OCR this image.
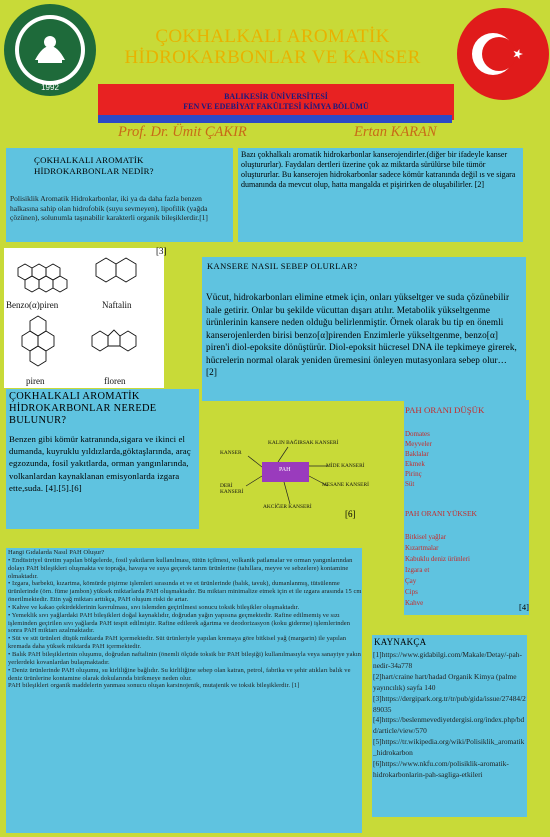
1992
ÇOKHALKALI AROMATİK
HİDROKARBONLAR VE KANSER
BALIKESİR ÜNİVERSİTESİ
FEN VE EDEBİYAT FAKÜLTESİ KİMYA BÖLÜMÜ
Prof. Dr. Ümit ÇAKIR	Ertan KARAN
ÇOKHALKALI AROMATİK
HİDROKARBONLAR NEDİR?
Polisiklik Aromatik Hidrokarbonlar, iki ya da daha fazla benzen halkasına sahip olan hidrofobik (suyu sevmeyen), lipofilik (yağda çözünen), solunumla taşınabilir karakterli organik bileşiklerdir.[1]
Bazı çokhalkalı aromatik hidrokarbonlar kanserojendirler.(diğer bir ifadeyle kanser oluştururlar). Faydaları dertleri üzerine çok az miktarda sürülürse bile tümör oluştururlar. Bu kanserojen hidrokarbonlar sadece kömür katranında değil ıs ve sigara dumanında da mevcut olup, hatta mangalda et pişirirken de oluşabilirler. [2]
Benzo(α)piren	Naftalin
piren	floren
[3]
KANSERE NASIL SEBEP OLURLAR?
Vücut, hidrokarbonları elimine etmek için, onları yükseltger ve suda çözünebilir hale getirir. Onlar bu şekilde vücuttan dışarı atılır. Metabolik yükseltgenme ürünlerinin kansere neden olduğu belirlenmiştir. Örnek olarak bu tip en önemli kanserojenlerden birisi benzo[α]pirenden Enzimlerle yükseltgenme, benzo[α] piren'i diol-epoksite dönüştürür. Diol-epoksit hücresel DNA ile tepkimeye girerek, hücrelerin normal olarak yeniden üremesini önleyen mutasyonlara sebep olur…
[2]
ÇOKHALKALI AROMATİK HİDROKARBONLAR NEREDE BULUNUR?
Benzen gibi kömür katranında,sigara ve ikinci el dumanda, kuyruklu yıldızlarda,göktaşlarında, araç egzozunda, fosil yakıtlarda, orman yangınlarında, volkanlardan kaynaklanan emisyonlarda izgara ette,suda. [4].[5].[6]
PAH
KALIN BAĞIRSAK KANSERİ
KANSER
MİDE KANSERİ
DERİ KANSERİ
MESANE KANSERİ
AKCİĞER KANSERİ
[6]
PAH ORANI DÜŞÜK
Domates
Meyveler
Baklalar
Ekmek
Pirinç
Süt
PAH ORANI YÜKSEK
Bitkisel yağlar
Kızartmalar
Kabuklu deniz ürünleri
Izgara et
Çay
Cips
Kahve	[4]
Hangi Gıdalarda Nasıl PAH Oluşur?
• Endüstriyel üretim yapılan bölgelerde, fosil yakıtların kullanılması, tütün içilmesi, volkanik patlamalar ve orman yangınlarından dolayı PAH bileşikleri oluşmakta ve toprağa, havaya ve suya geçerek tarım ürünlerine (tahıllara, meyve ve sebzelere) kontamine olmaktadır.
• Izgara, barbekü, kızartma, kömürde pişirme işlemleri sırasında et ve et ürünlerinde (balık, tavuk), dumanlanmış, tütsülenme ürünlerinde (örn. füme jambon) yüksek miktarlarda PAH oluşmaktadır. Bu miktarı minimalize etmek için et ile ızgara arasında 15 cm önerilmektedir. Etin yağ miktarı arttıkça, PAH oluşum riski de artar.
• Kahve ve kakao çekirdeklerinin kavrulması, sıvı islemden geçirilmesi sonucu toksik bileşikler oluşmaktadır.
• Yemeklik sıvı yağlardaki PAH bileşikleri doğal kaynaklıdır, doğrudan yağın yapısına geçmektedir. Rafine edilmemiş ve sızı işleminden geçirilen sıvı yağlarda PAH tespit edilmiştir. Rafine edilerek ağartma ve deodorizasyon (koku giderme) işlemlerinden sonra PAH miktarı azalmaktadır.
• Süt ve süt ürünleri düşük miktarda PAH içermektedir. Süt ürünleriyle yapılan kremaya göre bitkisel yağ (margarin) ile yapılan kremada daha yüksek miktarda PAH içermektedir.
• Balık PAH bileşiklerinin oluşumu, doğrudan naftalinin (önemli ölçüde toksik bir PAH bileşiği) kullanılmasıyla veya sanayiye yakın yerlerdeki kovanlardan bulaşmaktadır.
• Deniz ürünlerinde PAH oluşumu, su kirliliğine bağlıdır. Su kirliliğine sebep olan katran, petrol, fabrika ve şehir atıkları balık ve deniz ürünlerine kontamine olarak dokularında birikmeye neden olur.
PAH bileşikleri organik maddelerin yanması sonucu oluşan karsinojenik, mutajenik ve toksik bileşiklerdir. [1]
KAYNAKÇA
[1]https://www.gidabilgi.com/Makale/Detay/-pah-nedir-34a778
[2]hart/craine hart/hadad Organik Kimya (palme yayıncılık) sayfa 140
[3]https://dergipark.org.tr/tr/pub/gida/issue/27484/289035
[4]https://beslenmevediyetdergisi.org/index.php/bdd/article/view/570
[5]https://tr.wikipedia.org/wiki/Polisiklik_aromatik_hidrokarbon
[6]https://www.nkfu.com/polisiklik-aromatik-hidrokarbonlarin-pah-sagliga-etkileri
